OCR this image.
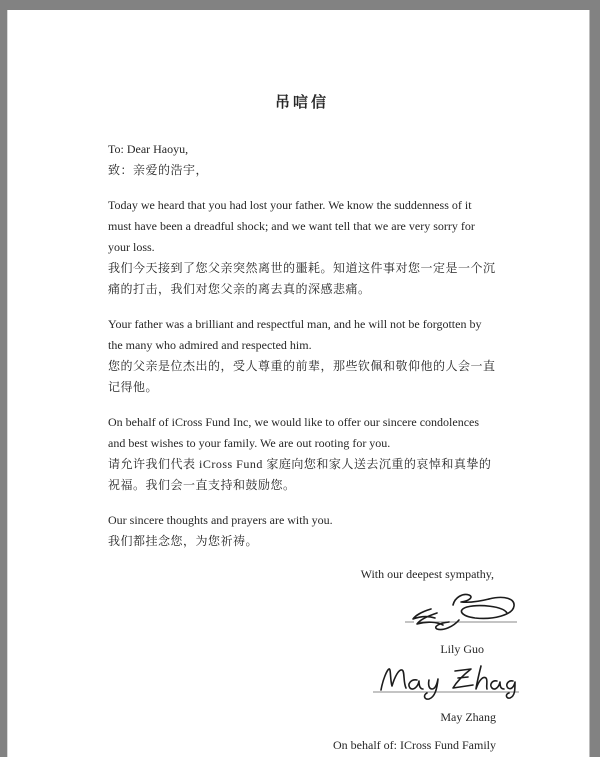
吊唁信
To: Dear Haoyu,
致：亲爱的浩宇，
Today we heard that you had lost your father. We know the suddenness of it must have been a dreadful shock; and we want tell that we are very sorry for your loss.
我们今天接到了您父亲突然离世的噩耗。知道这件事对您一定是一个沉痛的打击，我们对您父亲的离去真的深感悲痛。
Your father was a brilliant and respectful man, and he will not be forgotten by the many who admired and respected him.
您的父亲是位杰出的，受人尊重的前辈，那些钦佩和敬仰他的人会一直记得他。
On behalf of iCross Fund Inc, we would like to offer our sincere condolences and best wishes to your family. We are out rooting for you.
请允许我们代表 iCross Fund 家庭向您和家人送去沉重的哀悼和真挚的祝福。我们会一直支持和鼓励您。
Our sincere thoughts and prayers are with you.
我们都挂念您，为您祈祷。
With our deepest sympathy,
Lily Guo
May Zhang
On behalf of: ICross Fund Family
